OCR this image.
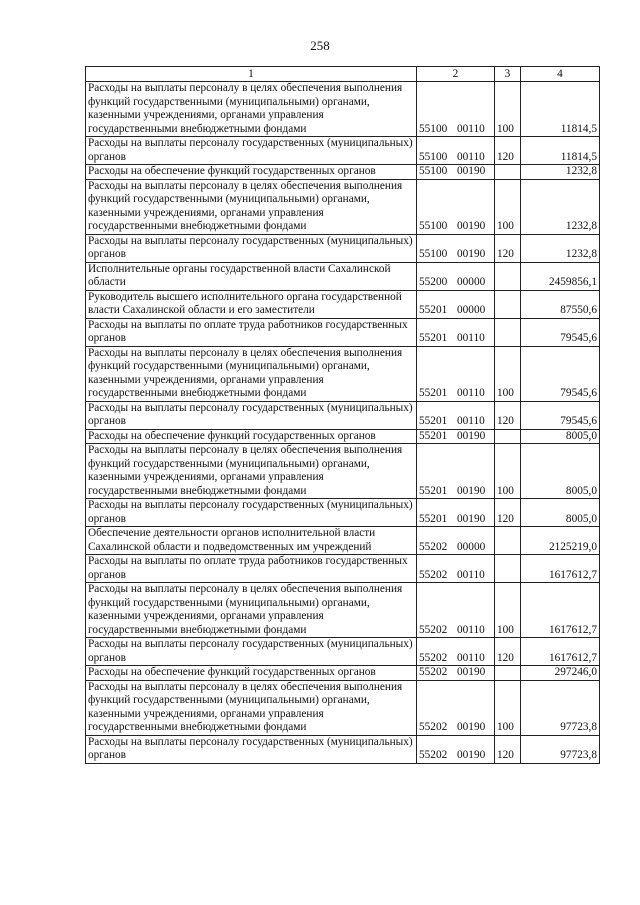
258
1	2	3	4
Расходы на выплаты персоналу в целях обеспечения выполнения функций государственными (муниципальными) органами, казенными учреждениями, органами управления государственными внебюджетными фондами	55100 00110	100	11814,5
Расходы на выплаты персоналу государственных (муниципальных) органов	55100 00110	120	11814,5
Расходы на обеспечение функций государственных органов	55100 00190		1232,8
Расходы на выплаты персоналу в целях обеспечения выполнения функций государственными (муниципальными) органами, казенными учреждениями, органами управления государственными внебюджетными фондами	55100 00190	100	1232,8
Расходы на выплаты персоналу государственных (муниципальных) органов	55100 00190	120	1232,8
Исполнительные органы государственной власти Сахалинской области	55200 00000		2459856,1
Руководитель высшего исполнительного органа государственной власти Сахалинской области и его заместители	55201 00000		87550,6
Расходы на выплаты по оплате труда работников государственных органов	55201 00110		79545,6
Расходы на выплаты персоналу в целях обеспечения выполнения функций государственными (муниципальными) органами, казенными учреждениями, органами управления государственными внебюджетными фондами	55201 00110	100	79545,6
Расходы на выплаты персоналу государственных (муниципальных) органов	55201 00110	120	79545,6
Расходы на обеспечение функций государственных органов	55201 00190		8005,0
Расходы на выплаты персоналу в целях обеспечения выполнения функций государственными (муниципальными) органами, казенными учреждениями, органами управления государственными внебюджетными фондами	55201 00190	100	8005,0
Расходы на выплаты персоналу государственных (муниципальных) органов	55201 00190	120	8005,0
Обеспечение деятельности органов исполнительной власти Сахалинской области и подведомственных им учреждений	55202 00000		2125219,0
Расходы на выплаты по оплате труда работников государственных органов	55202 00110		1617612,7
Расходы на выплаты персоналу в целях обеспечения выполнения функций государственными (муниципальными) органами, казенными учреждениями, органами управления государственными внебюджетными фондами	55202 00110	100	1617612,7
Расходы на выплаты персоналу государственных (муниципальных) органов	55202 00110	120	1617612,7
Расходы на обеспечение функций государственных органов	55202 00190		297246,0
Расходы на выплаты персоналу в целях обеспечения выполнения функций государственными (муниципальными) органами, казенными учреждениями, органами управления государственными внебюджетными фондами	55202 00190	100	97723,8
Расходы на выплаты персоналу государственных (муниципальных) органов	55202 00190	120	97723,8
